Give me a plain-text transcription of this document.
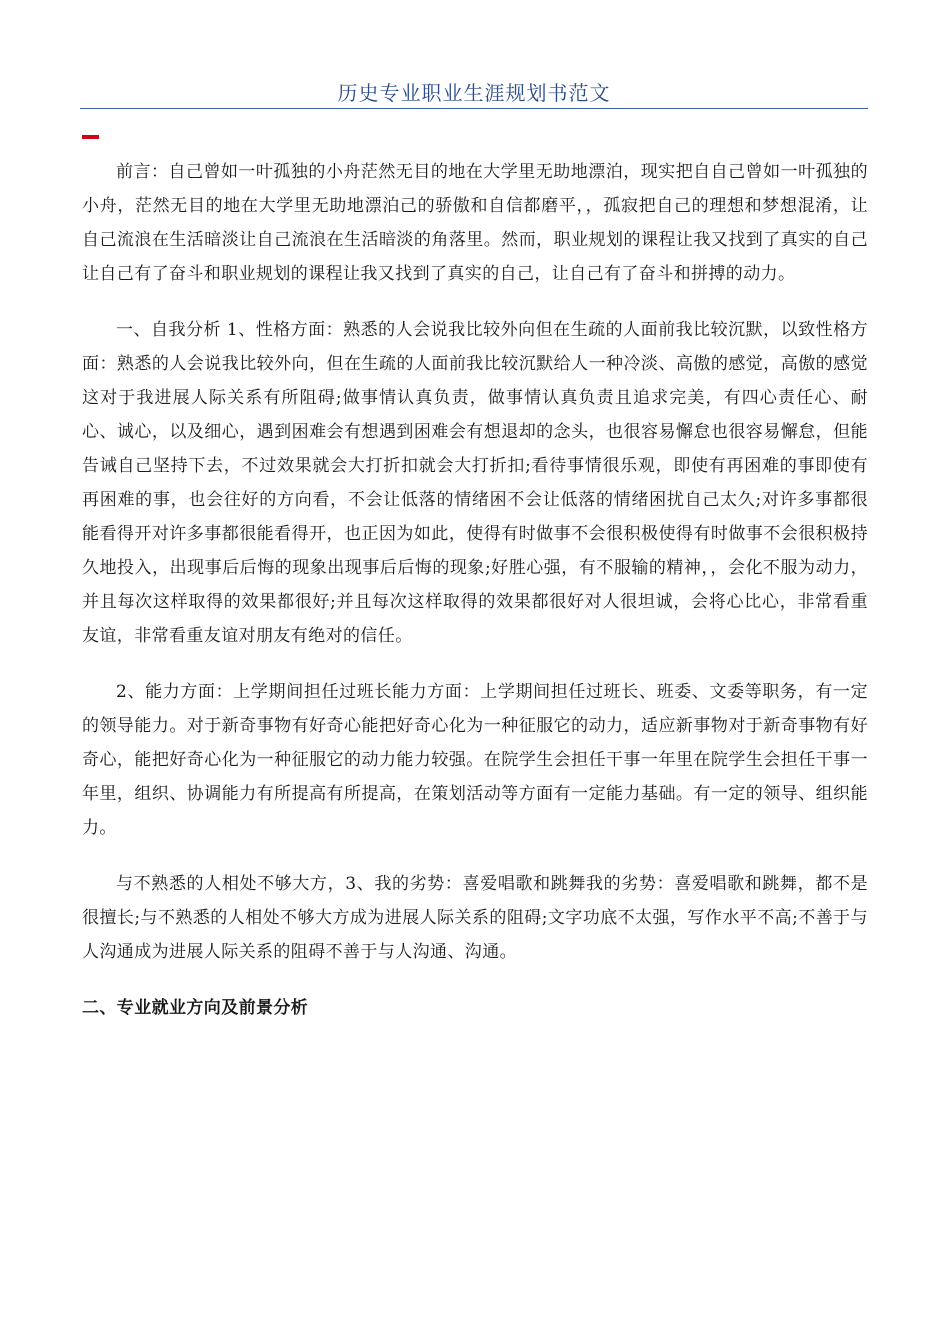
历史专业职业生涯规划书范文

前言：自己曾如一叶孤独的小舟茫然无目的地在大学里无助地漂泊，现实把自自己曾如一叶孤独的小舟，茫然无目的地在大学里无助地漂泊己的骄傲和自信都磨平，，孤寂把自己的理想和梦想混淆，让自己流浪在生活暗淡让自己流浪在生活暗淡的角落里。然而，职业规划的课程让我又找到了真实的自己让自己有了奋斗和职业规划的课程让我又找到了真实的自己，让自己有了奋斗和拼搏的动力。

一、自我分析 1、性格方面：熟悉的人会说我比较外向但在生疏的人面前我比较沉默，以致性格方面：熟悉的人会说我比较外向，但在生疏的人面前我比较沉默给人一种冷淡、高傲的感觉，高傲的感觉这对于我进展人际关系有所阻碍;做事情认真负责，做事情认真负责且追求完美，有四心责任心、耐心、诚心，以及细心，遇到困难会有想遇到困难会有想退却的念头，也很容易懈怠也很容易懈怠，但能告诫自己坚持下去，不过效果就会大打折扣就会大打折扣;看待事情很乐观，即使有再困难的事即使有再困难的事，也会往好的方向看，不会让低落的情绪困不会让低落的情绪困扰自己太久;对许多事都很能看得开对许多事都很能看得开，也正因为如此，使得有时做事不会很积极使得有时做事不会很积极持久地投入，出现事后后悔的现象出现事后后悔的现象;好胜心强，有不服输的精神，，会化不服为动力，并且每次这样取得的效果都很好;并且每次这样取得的效果都很好对人很坦诚，会将心比心，非常看重友谊，非常看重友谊对朋友有绝对的信任。

2、能力方面：上学期间担任过班长能力方面：上学期间担任过班长、班委、文委等职务，有一定的领导能力。对于新奇事物有好奇心能把好奇心化为一种征服它的动力，适应新事物对于新奇事物有好奇心，能把好奇心化为一种征服它的动力能力较强。在院学生会担任干事一年里在院学生会担任干事一年里，组织、协调能力有所提高有所提高，在策划活动等方面有一定能力基础。有一定的领导、组织能力。

与不熟悉的人相处不够大方，3、我的劣势：喜爱唱歌和跳舞我的劣势：喜爱唱歌和跳舞，都不是很擅长;与不熟悉的人相处不够大方成为进展人际关系的阻碍;文字功底不太强，写作水平不高;不善于与人沟通成为进展人际关系的阻碍不善于与人沟通、沟通。

二、专业就业方向及前景分析
